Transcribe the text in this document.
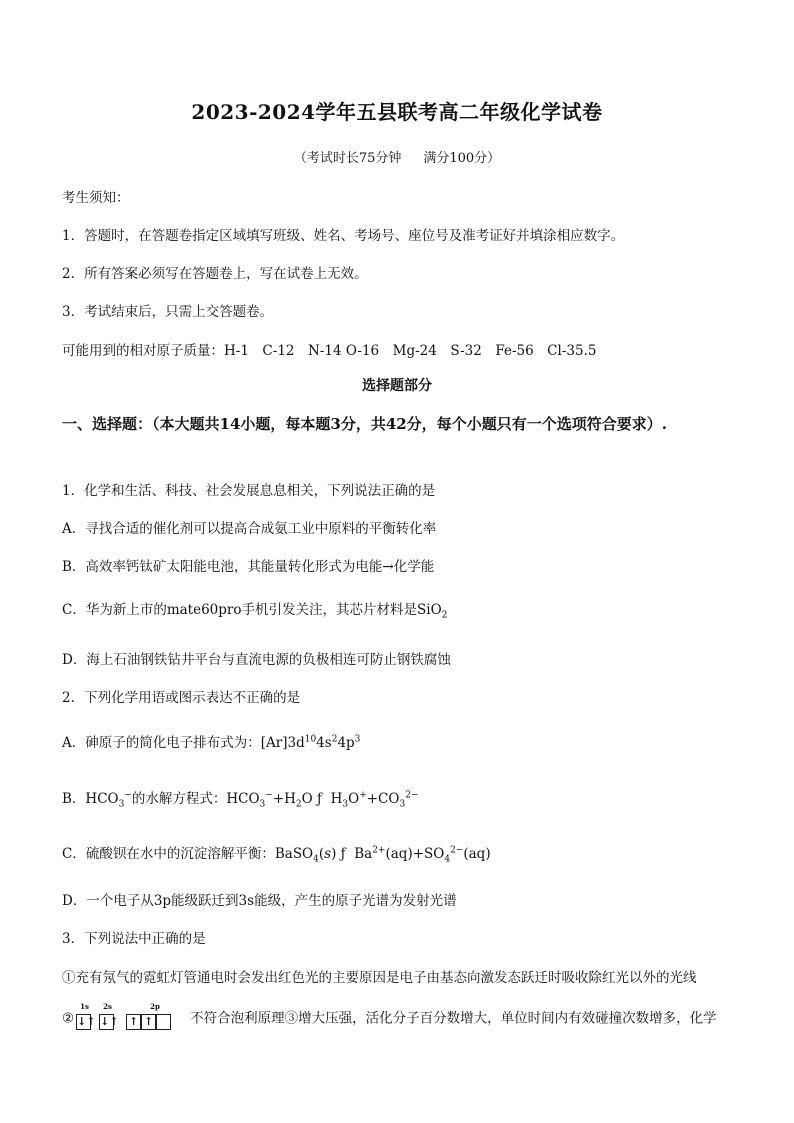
2023-2024学年五县联考高二年级化学试卷
（考试时长75分钟 满分100分）
考生须知：
1．答题时，在答题卷指定区域填写班级、姓名、考场号、座位号及准考证好并填涂相应数字。
2．所有答案必须写在答题卷上，写在试卷上无效。
3．考试结束后，只需上交答题卷。
可能用到的相对原子质量：H-1　C-12　N-14 O-16　Mg-24　S-32　Fe-56　Cl-35.5
选择题部分
一、选择题：（本大题共14小题，每本题3分，共42分，每个小题只有一个选项符合要求）.
1．化学和生活、科技、社会发展息息相关，下列说法正确的是
A．寻找合适的催化剂可以提高合成氨工业中原料的平衡转化率
B．高效率钙钛矿太阳能电池，其能量转化形式为电能→化学能
C．华为新上市的mate60pro手机引发关注，其芯片材料是SiO$_2$
D．海上石油钢铁钻井平台与直流电源的负极相连可防止钢铁腐蚀
2．下列化学用语或图示表达不正确的是
A．砷原子的简化电子排布式为：$[Ar]3d^{10}4s^24p^3$
B．$HCO_3^-$的水解方程式：$HCO_3^-+H_2O$ ƒ  $H_3O^++CO_3^{2-}$
C．硫酸钡在水中的沉淀溶解平衡：BaSO$_4$(s) ƒ  $Ba^{2+}(aq)+SO_4^{2-}(aq)$
D．一个电子从3p能级跃迁到3s能级，产生的原子光谱为发射光谱
3．下列说法中正确的是
①充有氖气的霓虹灯管通电时会发出红色光的主要原因是电子由基态向激发态跃迁时吸收除红光以外的光线
②
1s 2s	2p
↓↑ ↓↑ ↑ ↑	不符合泡利原理③增大压强，活化分子百分数增大，单位时间内有效碰撞次数增多，化学
